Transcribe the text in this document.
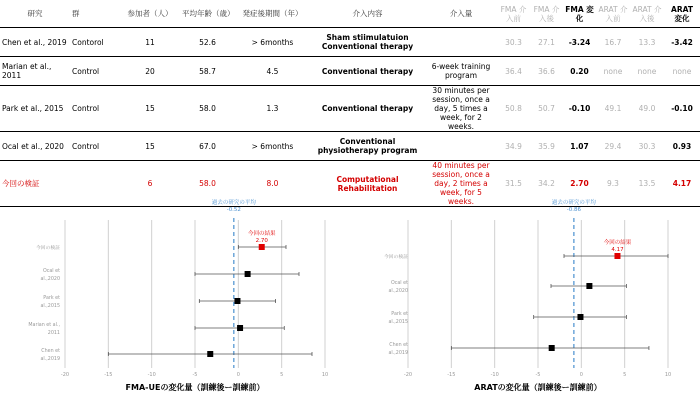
研究	群	参加者（人）	平均年齢（歳）	発症後期間（年）	介入内容	介入量	FMA 介入前	FMA 介入後	FMA 変化	ARAT 介入前	ARAT 介入後	ARAT 変化
Chen et al., 2019	Contorol	11	52.6	> 6months	Sham stiimulatuion Conventional therapy		30.3	27.1	-3.24	16.7	13.3	-3.42
Marian et al., 2011	Control	20	58.7	4.5	Conventional therapy	6-week training program	36.4	36.6	0.20	none	none	none
Park et al., 2015	Control	15	58.0	1.3	Conventional therapy	30 minutes per session, once a day, 5 times a week, for 2 weeks.	50.8	50.7	-0.10	49.1	49.0	-0.10
Ocal et al., 2020	Control	15	67.0	> 6months	Conventional physiotherapy program		34.9	35.9	1.07	29.4	30.3	0.93
今回の検証		6	58.0	8.0	Computational Rehabilitation	40 minutes per session, once a day, 2 times a week, for 5 weeks.	31.5	34.2	2.70	9.3	13.5	4.17
-20	-15	-10	-5	0	5	10
FMA-UEの変化量（訓練後ー訓練前）
過去の研究の平均
-0.52
今回の検証
Ocal et
al.,2020
Park et
al.,2015
Marian et al.,
2011
Chen et
al.,2019
今回の結果
2.70
-20	-15	-10	-5	0	5	10
ARATの変化量（訓練後ー訓練前）
過去の研究の平均
-0.86
今回の検証
Ocal et
al.,2020
Park et
al.,2015
Chen et
al.,2019
今回の結果
4.17
